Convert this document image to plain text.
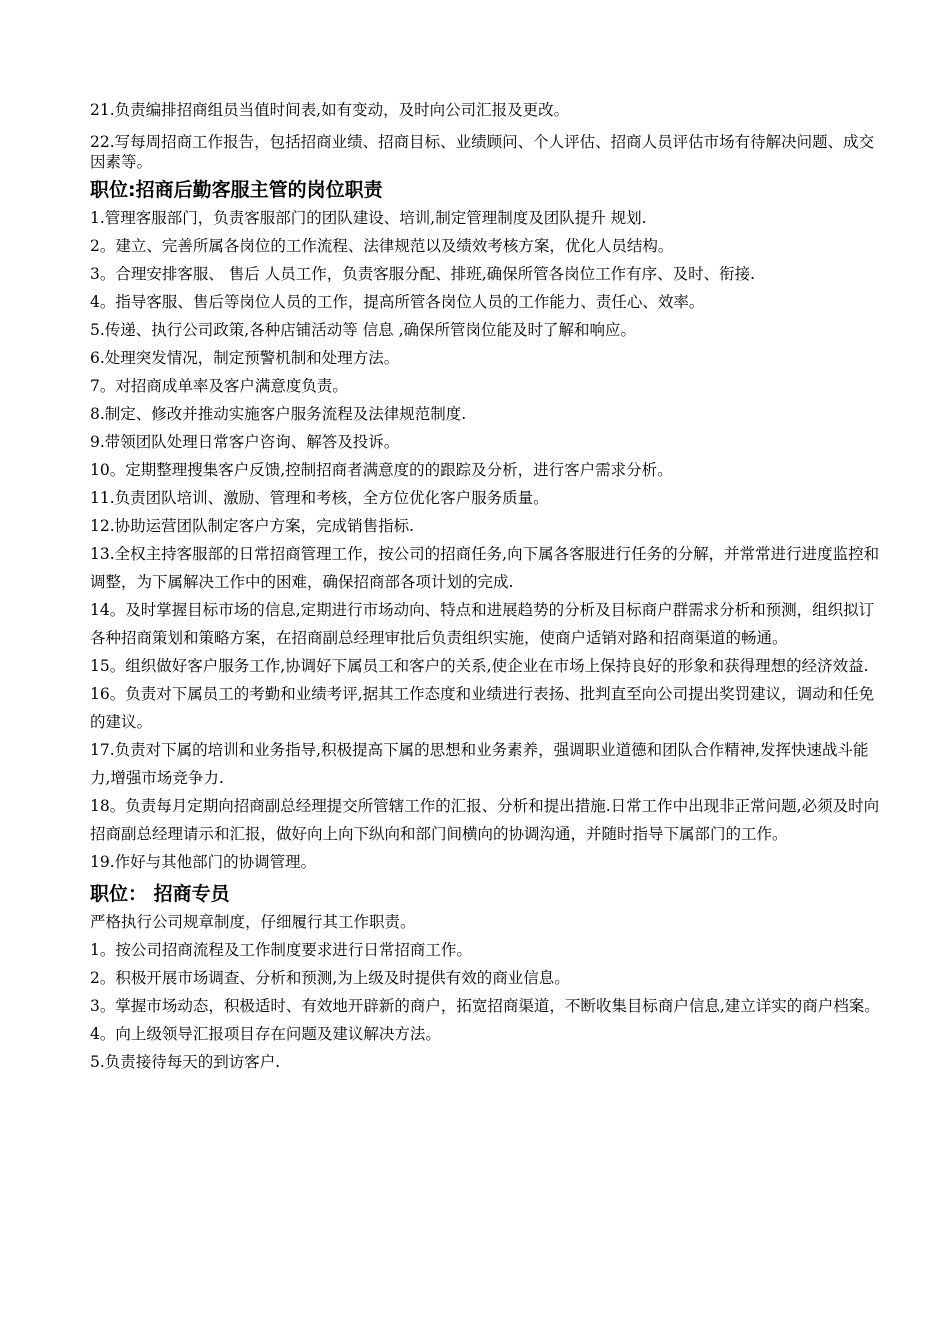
21.负责编排招商组员当值时间表,如有变动，及时向公司汇报及更改。

22.写每周招商工作报告，包括招商业绩、招商目标、业绩顾问、个人评估、招商人员评估市场有待解决问题、成交因素等。

职位:招商后勤客服主管的岗位职责

1.管理客服部门，负责客服部门的团队建设、培训,制定管理制度及团队提升 规划.

2。建立、完善所属各岗位的工作流程、法律规范以及绩效考核方案，优化人员结构。

3。合理安排客服、 售后 人员工作，负责客服分配、排班,确保所管各岗位工作有序、及时、衔接.

4。指导客服、售后等岗位人员的工作，提高所管各岗位人员的工作能力、责任心、效率。

5.传递、执行公司政策,各种店铺活动等 信息 ,确保所管岗位能及时了解和响应。

6.处理突发情况，制定预警机制和处理方法。

7。对招商成单率及客户满意度负责。

8.制定、修改并推动实施客户服务流程及法律规范制度.

9.带领团队处理日常客户咨询、解答及投诉。

10。定期整理搜集客户反馈,控制招商者满意度的的跟踪及分析，进行客户需求分析。

11.负责团队培训、激励、管理和考核，全方位优化客户服务质量。

12.协助运营团队制定客户方案，完成销售指标.

13.全权主持客服部的日常招商管理工作，按公司的招商任务,向下属各客服进行任务的分解，并常常进行进度监控和调整，为下属解决工作中的困难，确保招商部各项计划的完成.

14。及时掌握目标市场的信息,定期进行市场动向、特点和进展趋势的分析及目标商户群需求分析和预测，组织拟订各种招商策划和策略方案，在招商副总经理审批后负责组织实施，使商户适销对路和招商渠道的畅通。

15。组织做好客户服务工作,协调好下属员工和客户的关系,使企业在市场上保持良好的形象和获得理想的经济效益.

16。负责对下属员工的考勤和业绩考评,据其工作态度和业绩进行表扬、批判直至向公司提出奖罚建议，调动和任免的建议。

17.负责对下属的培训和业务指导,积极提高下属的思想和业务素养，强调职业道德和团队合作精神,发挥快速战斗能力,增强市场竞争力.

18。负责每月定期向招商副总经理提交所管辖工作的汇报、分析和提出措施.日常工作中出现非正常问题,必须及时向招商副总经理请示和汇报，做好向上向下纵向和部门间横向的协调沟通，并随时指导下属部门的工作。

19.作好与其他部门的协调管理。

职位： 招商专员

严格执行公司规章制度，仔细履行其工作职责。

1。按公司招商流程及工作制度要求进行日常招商工作。

2。积极开展市场调查、分析和预测,为上级及时提供有效的商业信息。

3。掌握市场动态，积极适时、有效地开辟新的商户，拓宽招商渠道，不断收集目标商户信息,建立详实的商户档案。

4。向上级领导汇报项目存在问题及建议解决方法。

5.负责接待每天的到访客户.
